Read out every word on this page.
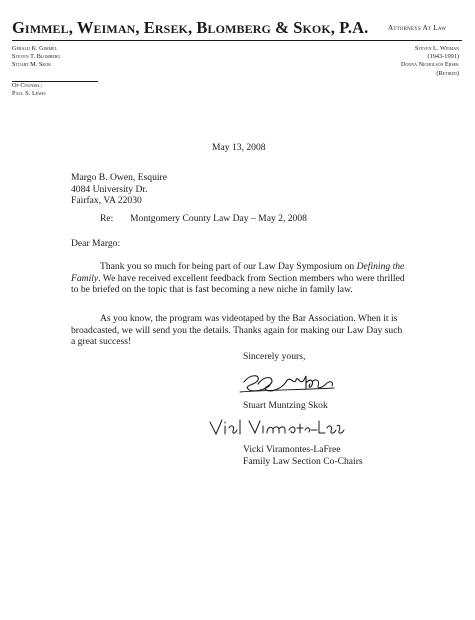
Gimmel, Weiman, Ersek, Blomberg & Skok, P.A.	Attorneys At Law
Gerald K. Gimmel
Steven T. Blomberg
Stuart M. Skok
Steven L. Weiman
(1943-1991)
Donna Nicholson Ersek
(Retired)
Of Counsel:
Paul S. Lewis
May 13, 2008
Margo B. Owen, Esquire
4084 University Dr.
Fairfax, VA 22030
Re: Montgomery County Law Day – May 2, 2008
Dear Margo:
Thank you so much for being part of our Law Day Symposium on Defining the Family. We have received excellent feedback from Section members who were thrilled to be briefed on the topic that is fast becoming a new niche in family law.
As you know, the program was videotaped by the Bar Association. When it is broadcasted, we will send you the details. Thanks again for making our Law Day such a great success!
Sincerely yours,
Stuart Muntzing Skok
Vicki Viramontes-LaFree
Family Law Section Co-Chairs
